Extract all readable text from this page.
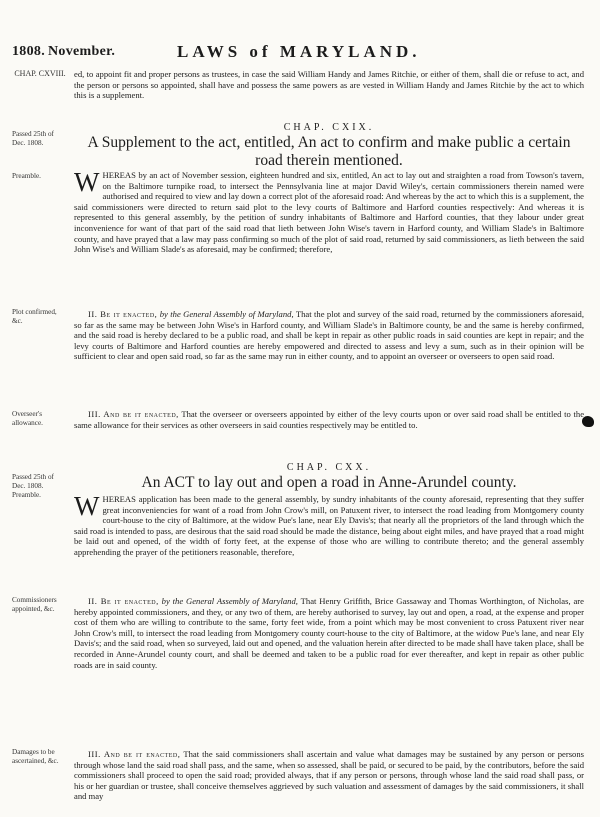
1808. November.	LAWS of MARYLAND.
CHAP. CXVIII. ed, to appoint fit and proper persons as trustees, in case the said William Handy and James Ritchie, or either of them, shall die or refuse to act, and the person or persons so appointed, shall have and possess the same powers as are vested in William Handy and James Ritchie by the act to which this is a supplement.
Passed 25th of Dec. 1808.
CHAP. CXIX.
A Supplement to the act, entitled, An act to confirm and make public a certain road therein mentioned.
Preamble.	WHEREAS by an act of November session, eighteen hundred and six, entitled, An act to lay out and straighten a road from Towson's tavern, on the Baltimore turnpike road, to intersect the Pennsylvania line at major David Wiley's, certain commissioners therein named were authorised and required to view and lay down a correct plot of the aforesaid road: And whereas by the act to which this is a supplement, the said commissioners were directed to return said plot to the levy courts of Baltimore and Harford counties respectively: And whereas it is represented to this general assembly, by the petition of sundry inhabitants of Baltimore and Harford counties, that they labour under great inconvenience for want of that part of the said road that lieth between John Wise's tavern in Harford county, and William Slade's in Baltimore county, and have prayed that a law may pass confirming so much of the plot of said road, returned by said commissioners, as lieth between the said John Wise's and William Slade's as aforesaid, may be confirmed; therefore,
Plot confirmed, &c.
II. Be it enacted, by the General Assembly of Maryland, That the plot and survey of the said road, returned by the commissioners aforesaid, so far as the same may be between John Wise's in Harford county, and William Slade's in Baltimore county, be and the same is hereby confirmed, and the said road is hereby declared to be a public road, and shall be kept in repair as other public roads in said counties are kept in repair; and the levy courts of Baltimore and Harford counties are hereby empowered and directed to assess and levy a sum, such as in their opinion will be sufficient to clear and open said road, so far as the same may run in either county, and to appoint an overseer or overseers to open said road.
Overseer's allowance.
III. And be it enacted, That the overseer or overseers appointed by either of the levy courts upon or over said road shall be entitled to the same allowance for their services as other overseers in said counties respectively may be entitled to.
Passed 25th of Dec. 1808.
Preamble.
CHAP. CXX.
An ACT to lay out and open a road in Anne-Arundel county.
WHEREAS application has been made to the general assembly, by sundry inhabitants of the county aforesaid, representing that they suffer great inconveniencies for want of a road from John Crow's mill, on Patuxent river, to intersect the road leading from Montgomery county court-house to the city of Baltimore, at the widow Pue's lane, near Ely Davis's; that nearly all the proprietors of the land through which the said road is intended to pass, are desirous that the said road should be made the distance, being about eight miles, and have prayed that a road might be laid out and opened, of the width of forty feet, at the expense of those who are willing to contribute thereto; and the general assembly apprehending the prayer of the petitioners reasonable, therefore,
Commissioners appointed, &c.
II. Be it enacted, by the General Assembly of Maryland, That Henry Griffith, Brice Gassaway and Thomas Worthington, of Nicholas, are hereby appointed commissioners, and they, or any two of them, are hereby authorised to survey, lay out and open, a road, at the expense and proper cost of them who are willing to contribute to the same, forty feet wide, from a point which may be most convenient to cross Patuxent river near John Crow's mill, to intersect the road leading from Montgomery county court-house to the city of Baltimore, at the widow Pue's lane, and near Ely Davis's; and the said road, when so surveyed, laid out and opened, and the valuation herein after directed to be made shall have taken place, shall be recorded in Anne-Arundel county court, and shall be deemed and taken to be a public road for ever thereafter, and kept in repair as other public roads are in said county.
Damages to be ascertained, &c.
III. And be it enacted, That the said commissioners shall ascertain and value what damages may be sustained by any person or persons through whose land the said road shall pass, and the same, when so assessed, shall be paid, or secured to be paid, by the contributors, before the said commissioners shall proceed to open the said road; provided always, that if any person or persons, through whose land the said road shall pass, or his or her guardian or trustee, shall conceive themselves aggrieved by such valuation and assessment of damages by the said commissioners, it shall and may
